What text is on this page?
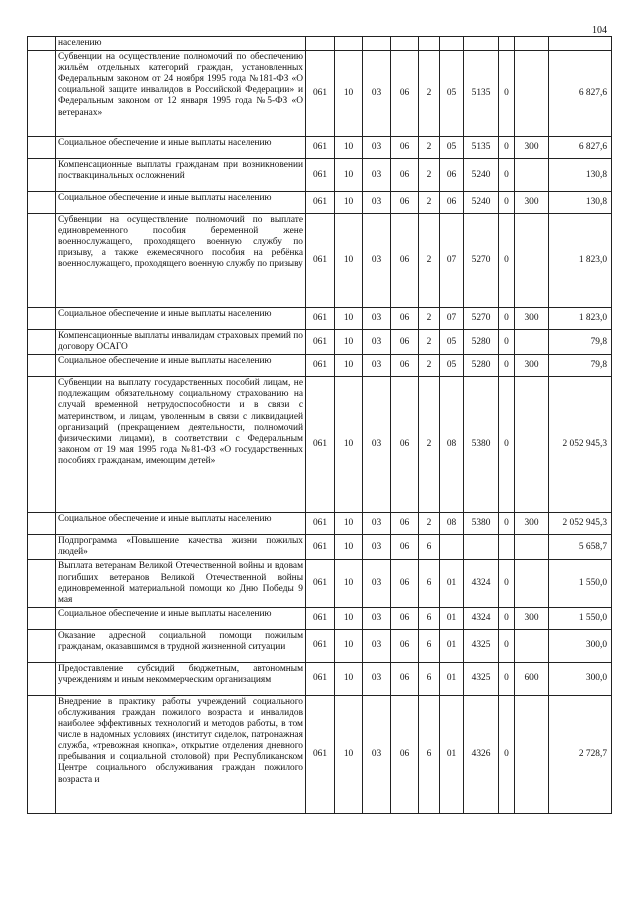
104
	населению										
	Субвенции на осуществление полномочий по обеспечению жильём отдельных категорий граждан, установленных Федеральным законом от 24 ноября 1995 года №181-ФЗ «О социальной защите инвалидов в Российской Федерации» и Федеральным законом от 12 января 1995 года №5-ФЗ «О ветеранах»	061	10	03	06	2	05	5135	0		6 827,6
	Социальное обеспечение и иные выплаты населению	061	10	03	06	2	05	5135	0	300	6 827,6
	Компенсационные выплаты гражданам при возникновении поствакцинальных осложнений	061	10	03	06	2	06	5240	0		130,8
	Социальное обеспечение и иные выплаты населению	061	10	03	06	2	06	5240	0	300	130,8
	Субвенции на осуществление полномочий по выплате единовременного пособия беременной жене военнослужащего, проходящего военную службу по призыву, а также ежемесячного пособия на ребёнка военнослужащего, проходящего военную службу по призыву	061	10	03	06	2	07	5270	0		1 823,0
	Социальное обеспечение и иные выплаты населению	061	10	03	06	2	07	5270	0	300	1 823,0
	Компенсационные выплаты инвалидам страховых премий по договору ОСАГО	061	10	03	06	2	05	5280	0		79,8
	Социальное обеспечение и иные выплаты населению	061	10	03	06	2	05	5280	0	300	79,8
	Субвенции на выплату государственных пособий лицам, не подлежащим обязательному социальному страхованию на случай временной нетрудоспособности и в связи с материнством, и лицам, уволенным в связи с ликвидацией организаций (прекращением деятельности, полномочий физическими лицами), в соответствии с Федеральным законом от 19 мая 1995 года №81-ФЗ «О государственных пособиях гражданам, имеющим детей»	061	10	03	06	2	08	5380	0		2 052 945,3
	Социальное обеспечение и иные выплаты населению	061	10	03	06	2	08	5380	0	300	2 052 945,3
	Подпрограмма «Повышение качества жизни пожилых людей»	061	10	03	06	6					5 658,7
	Выплата ветеранам Великой Отечественной войны и вдовам погибших ветеранов Великой Отечественной войны единовременной материальной помощи ко Дню Победы 9 мая	061	10	03	06	6	01	4324	0		1 550,0
	Социальное обеспечение и иные выплаты населению	061	10	03	06	6	01	4324	0	300	1 550,0
	Оказание адресной социальной помощи пожилым гражданам, оказавшимся в трудной жизненной ситуации	061	10	03	06	6	01	4325	0		300,0
	Предоставление субсидий бюджетным, автономным учреждениям и иным некоммерческим организациям	061	10	03	06	6	01	4325	0	600	300,0
	Внедрение в практику работы учреждений социального обслуживания граждан пожилого возраста и инвалидов наиболее эффективных технологий и методов работы, в том числе в надомных условиях (институт сиделок, патронажная служба, «тревожная кнопка», открытие отделения дневного пребывания и социальной столовой) при Республиканском Центре социального обслуживания граждан пожилого возраста и	061	10	03	06	6	01	4326	0		2 728,7
